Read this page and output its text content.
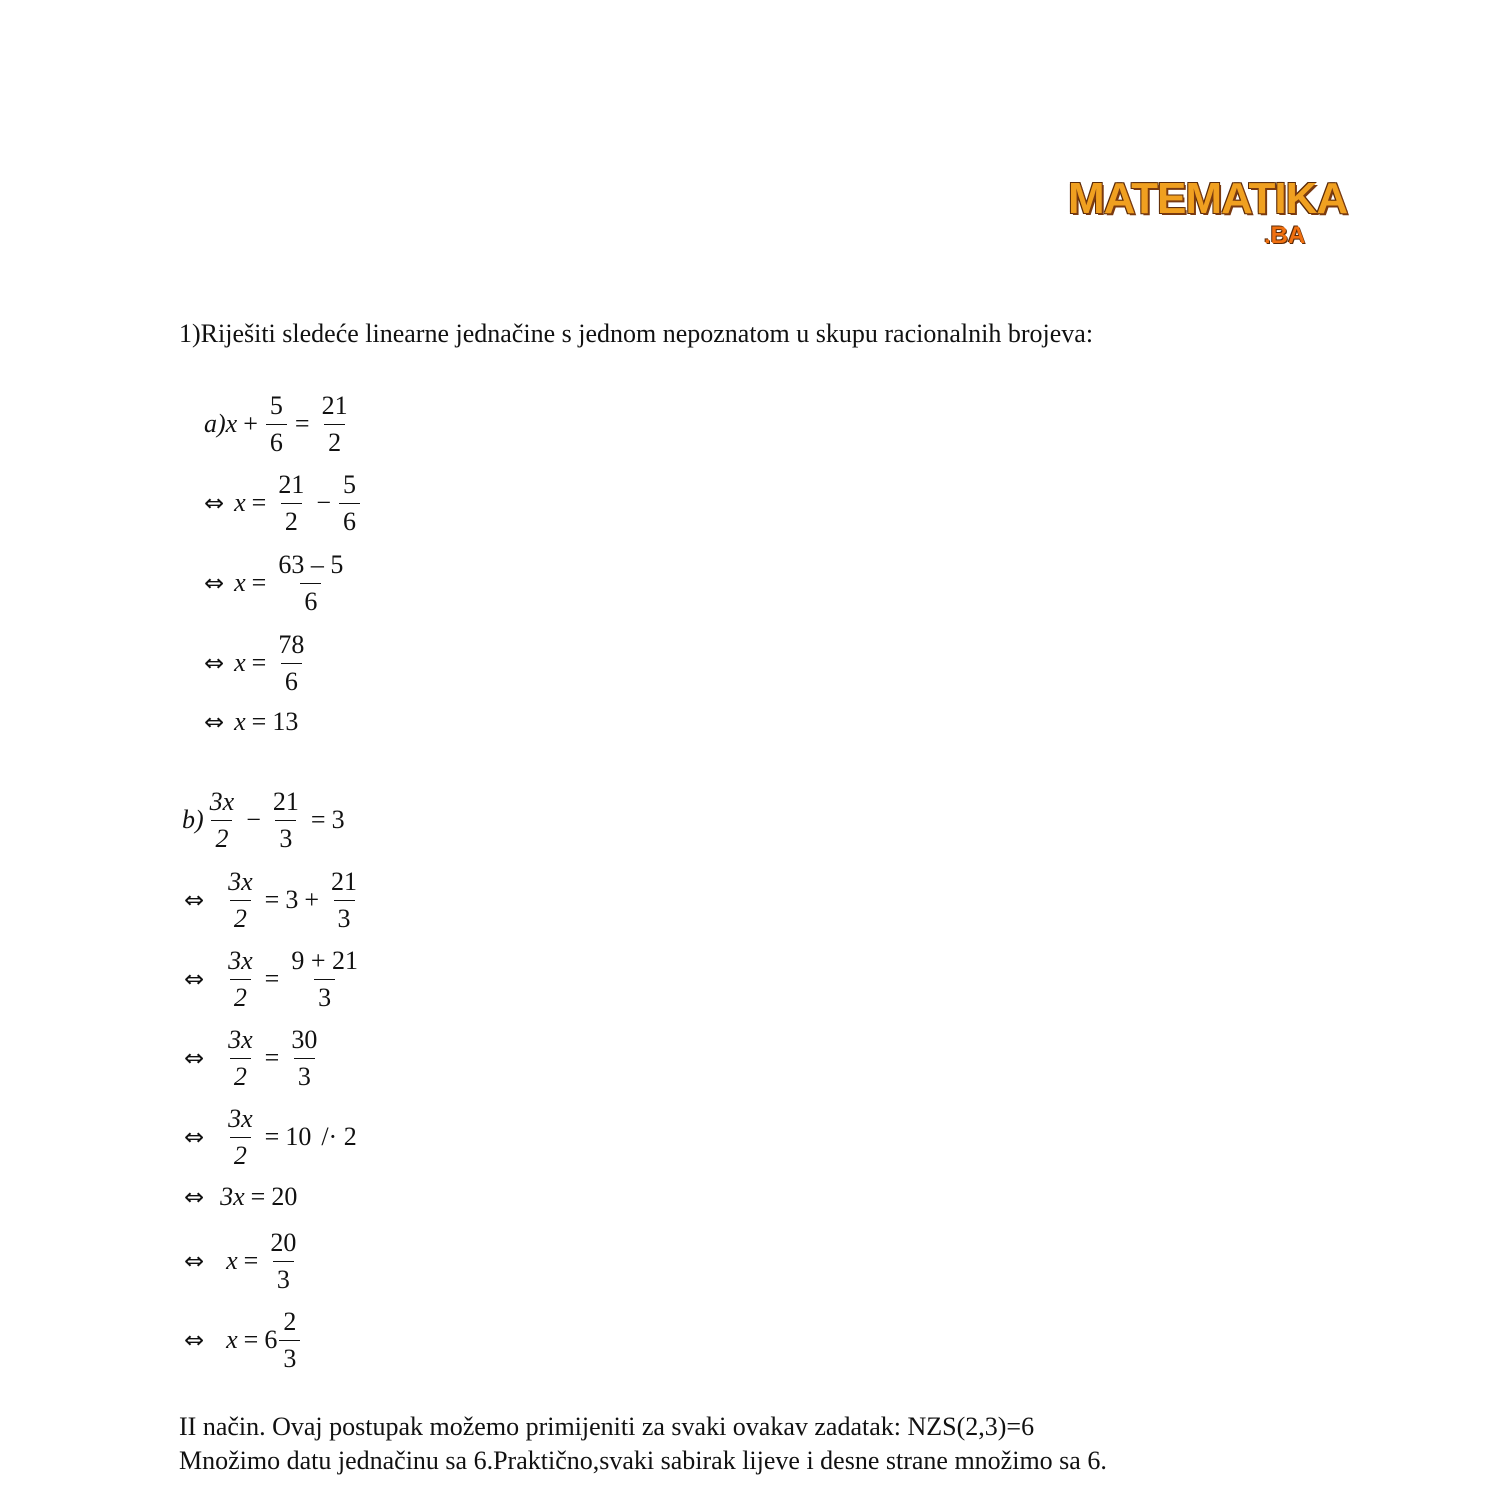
MATEMATIKA
.BA
1)Riješiti sledeće linearne jednačine s jednom nepoznatom u skupu racionalnih brojeva:
a) $x + \frac{5}{6} = \frac{21}{2}$
⇔ $x = \frac{21}{2} - \frac{5}{6}$
⇔ $x = \frac{63 - 5}{6}$
⇔ $x = \frac{78}{6}$
⇔ x = 13
$b) \frac{3x}{2} - \frac{21}{3} = 3$
⇔ $\frac{3x}{2} = 3 + \frac{21}{3}$
⇔ $\frac{3x}{2} = \frac{9 + 21}{3}$
⇔ $\frac{3x}{2} = \frac{30}{3}$
⇔ $\frac{3x}{2} = 10 /\cdot 2$
⇔ 3x = 20
⇔ $x = \frac{20}{3}$
⇔ $x = 6 \frac{2}{3}$
II način. Ovaj postupak možemo primijeniti za svaki ovakav zadatak: NZS(2,3)=6
Množimo datu jednačinu sa 6.Praktično,svaki sabirak lijeve i desne strane množimo sa 6.
